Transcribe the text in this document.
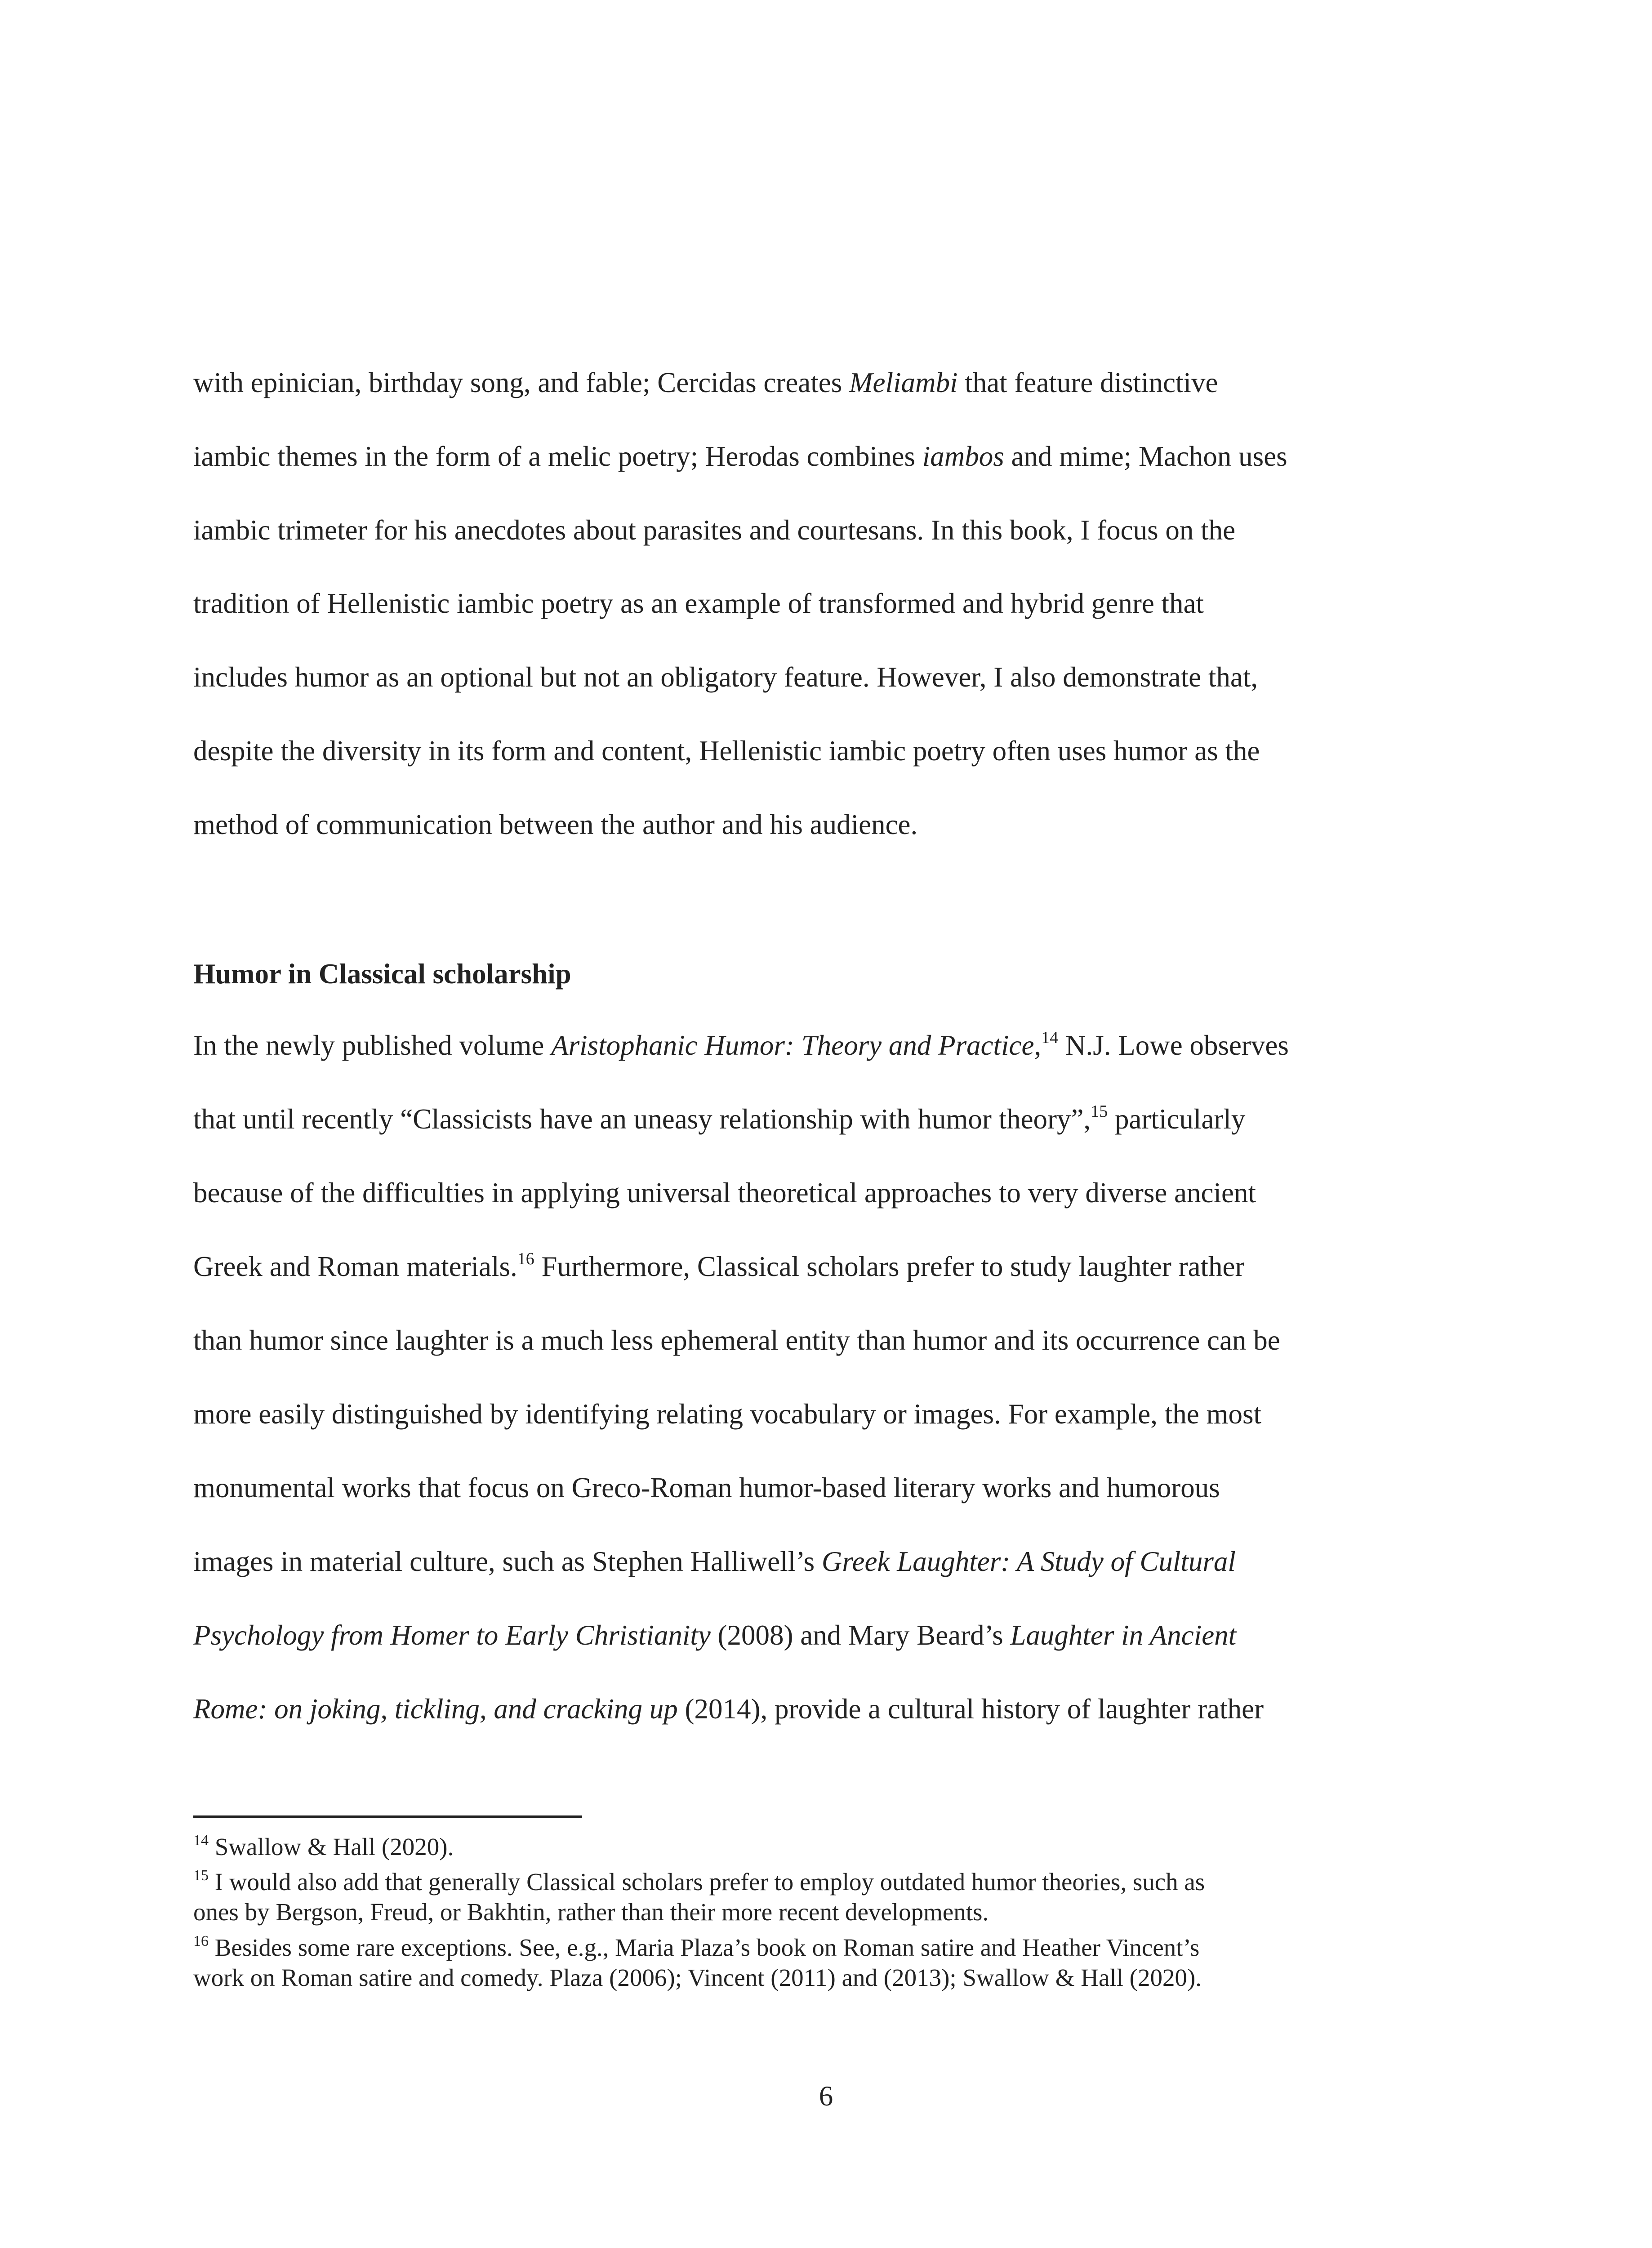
with epinician, birthday song, and fable; Cercidas creates Meliambi that feature distinctive
iambic themes in the form of a melic poetry; Herodas combines iambos and mime; Machon uses
iambic trimeter for his anecdotes about parasites and courtesans. In this book, I focus on the
tradition of Hellenistic iambic poetry as an example of transformed and hybrid genre that
includes humor as an optional but not an obligatory feature. However, I also demonstrate that,
despite the diversity in its form and content, Hellenistic iambic poetry often uses humor as the
method of communication between the author and his audience.
Humor in Classical scholarship
In the newly published volume Aristophanic Humor: Theory and Practice,$^{14}$ N.J. Lowe observes
that until recently “Classicists have an uneasy relationship with humor theory”,$^{15}$ particularly
because of the difficulties in applying universal theoretical approaches to very diverse ancient
Greek and Roman materials.$^{16}$ Furthermore, Classical scholars prefer to study laughter rather
than humor since laughter is a much less ephemeral entity than humor and its occurrence can be
more easily distinguished by identifying relating vocabulary or images. For example, the most
monumental works that focus on Greco-Roman humor-based literary works and humorous
images in material culture, such as Stephen Halliwell’s Greek Laughter: A Study of Cultural
Psychology from Homer to Early Christianity (2008) and Mary Beard’s Laughter in Ancient
Rome: on joking, tickling, and cracking up (2014), provide a cultural history of laughter rather
$^{14}$ Swallow & Hall (2020).
$^{15}$ I would also add that generally Classical scholars prefer to employ outdated humor theories, such as
ones by Bergson, Freud, or Bakhtin, rather than their more recent developments.
$^{16}$ Besides some rare exceptions. See, e.g., Maria Plaza’s book on Roman satire and Heather Vincent’s
work on Roman satire and comedy. Plaza (2006); Vincent (2011) and (2013); Swallow & Hall (2020).
6
